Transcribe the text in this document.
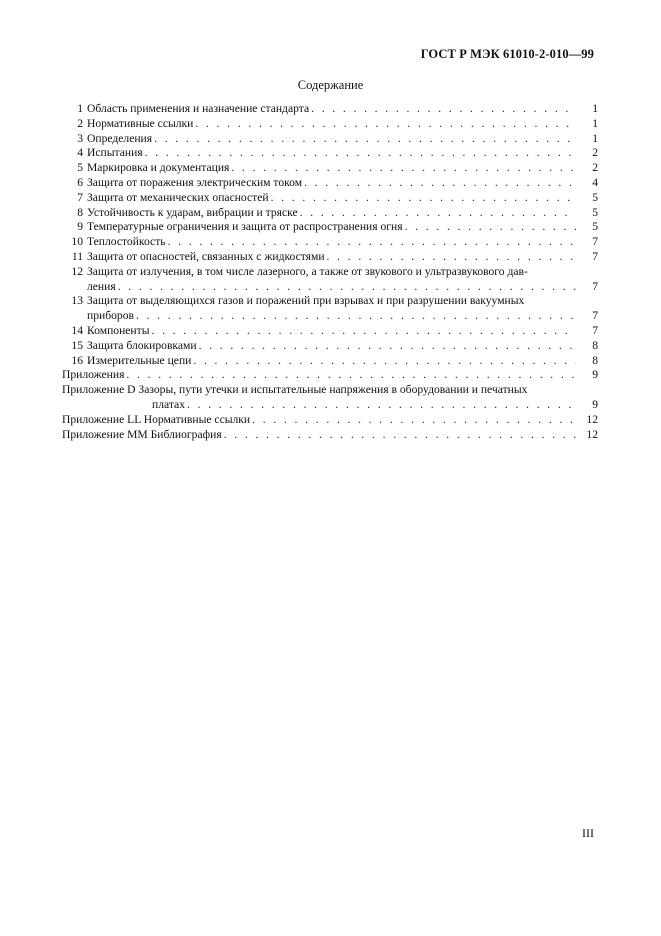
ГОСТ Р МЭК 61010-2-010—99
Содержание
1 Область применения и назначение стандарта . . .	1
2 Нормативные ссылки . . .	1
3 Определения . . .	1
4 Испытания . . .	2
5 Маркировка и документация . . .	2
6 Защита от поражения электрическим током . . .	4
7 Защита от механических опасностей . . .	5
8 Устойчивость к ударам, вибрации и тряске . . .	5
9 Температурные ограничения и защита от распространения огня . . .	5
10 Теплостойкость . . .	7
11 Защита от опасностей, связанных с жидкостями . . .	7
12 Защита от излучения, в том числе лазерного, а также от звукового и ультразвукового дав-
ления . . .	7
13 Защита от выделяющихся газов и поражений при взрывах и при разрушении вакуумных
приборов . . .	7
14 Компоненты . . .	7
15 Защита блокировками . . .	8
16 Измерительные цепи . . .	8
Приложения . . .	9
Приложение D Зазоры, пути утечки и испытательные напряжения в оборудовании и печатных
платах . . .	9
Приложение LL Нормативные ссылки . . .	12
Приложение ММ Библиография . . .	12
III
